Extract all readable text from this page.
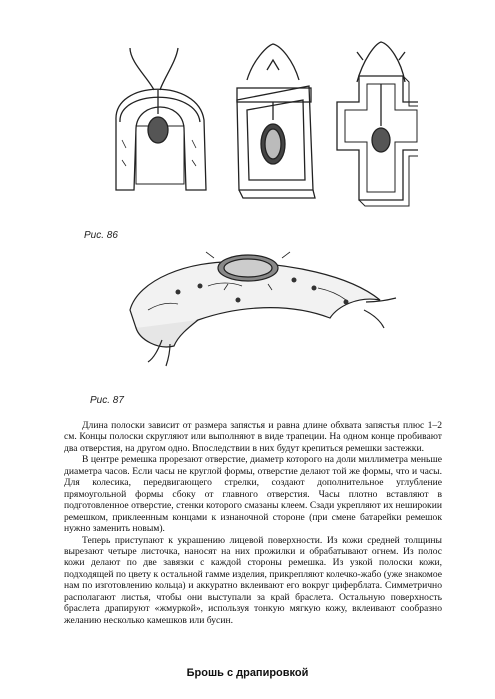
Рис. 86
Рис. 87

Длина полоски зависит от размера запястья и равна длине обхвата запястья плюс 1–2 см. Концы полоски скругляют или выполняют в виде трапеции. На одном конце пробивают два отверстия, на другом одно. Впоследствии в них будут крепиться ремешки застежки.

В центре ремешка прорезают отверстие, диаметр которого на доли миллиметра меньше диаметра часов. Если часы не круглой формы, отверстие делают той же формы, что и часы. Для колесика, передвигающего стрелки, создают дополнительное углубление прямоугольной формы сбоку от главного отверстия. Часы плотно вставляют в подготовленное отверстие, стенки которого смазаны клеем. Сзади укрепляют их неширокии ремешком, приклеенным концами к изнаночной стороне (при смене батарейки ремешок нужно заменить новым).

Теперь приступают к украшению лицевой поверхности. Из кожи средней толщины вырезают четыре листочка, наносят на них прожилки и обрабатывают огнем. Из полос кожи делают по две завязки с каждой стороны ремешка. Из узкой полоски кожи, подходящей по цвету к остальной гамме изделия, прикрепляют колечко-жабо (уже знакомое нам по изготовлению кольца) и аккуратно вклеивают его вокруг циферблата. Симметрично располагают листья, чтобы они выступали за край браслета. Остальную поверхность браслета драпируют «жмуркой», используя тонкую мягкую кожу, вклеивают сообразно желанию несколько камешков или бусин.

Брошь с драпировкой
